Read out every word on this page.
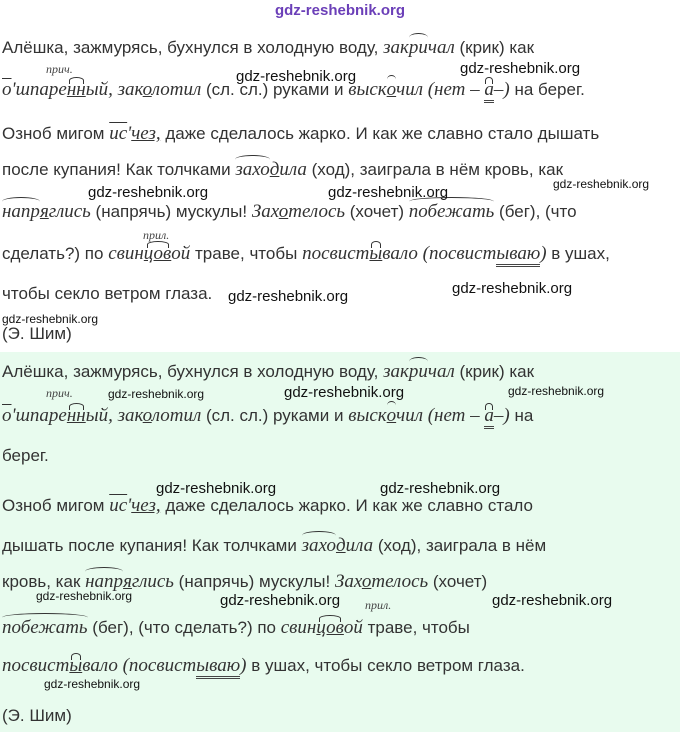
gdz-reshebnik.org
Алёшка, зажмурясь, бухнулся в холодную воду, закричал (крик) как
прич.
о'шпаренный, заколотил (сл. сл.) руками и выскочил (нет – а–) на берег.
Озноб мигом ис'чез, даже сделалось жарко. И как же славно стало дышать
после купания! Как толчками заходила (ход), заиграла в нём кровь, как
напряглись (напрячь) мускулы! Захотелось (хочет) побежать (бег), (что
прил.
сделать?) по свинцовой траве, чтобы посвистывало (посвистываю) в ушах,
чтобы секло ветром глаза.
(Э. Шим)
Алёшка, зажмурясь, бухнулся в холодную воду, закричал (крик) как
прич.
о'шпаренный, заколотил (сл. сл.) руками и выскочил (нет – а–) на
берег.
Озноб мигом ис'чез, даже сделалось жарко. И как же славно стало
дышать после купания! Как толчками заходила (ход), заиграла в нём
кровь, как напряглись (напрячь) мускулы! Захотелось (хочет)
прил.
побежать (бег), (что сделать?) по свинцовой траве, чтобы
посвистывало (посвистываю) в ушах, чтобы секло ветром глаза.
(Э. Шим)
gdz-reshebnik.org	gdz-reshebnik.org
gdz-reshebnik.org	gdz-reshebnik.org	gdz-reshebnik.org
gdz-reshebnik.org	gdz-reshebnik.org
gdz-reshebnik.org
gdz-reshebnik.org	gdz-reshebnik.org	gdz-reshebnik.org
gdz-reshebnik.org	gdz-reshebnik.org
gdz-reshebnik.org	gdz-reshebnik.org	gdz-reshebnik.org
gdz-reshebnik.org
